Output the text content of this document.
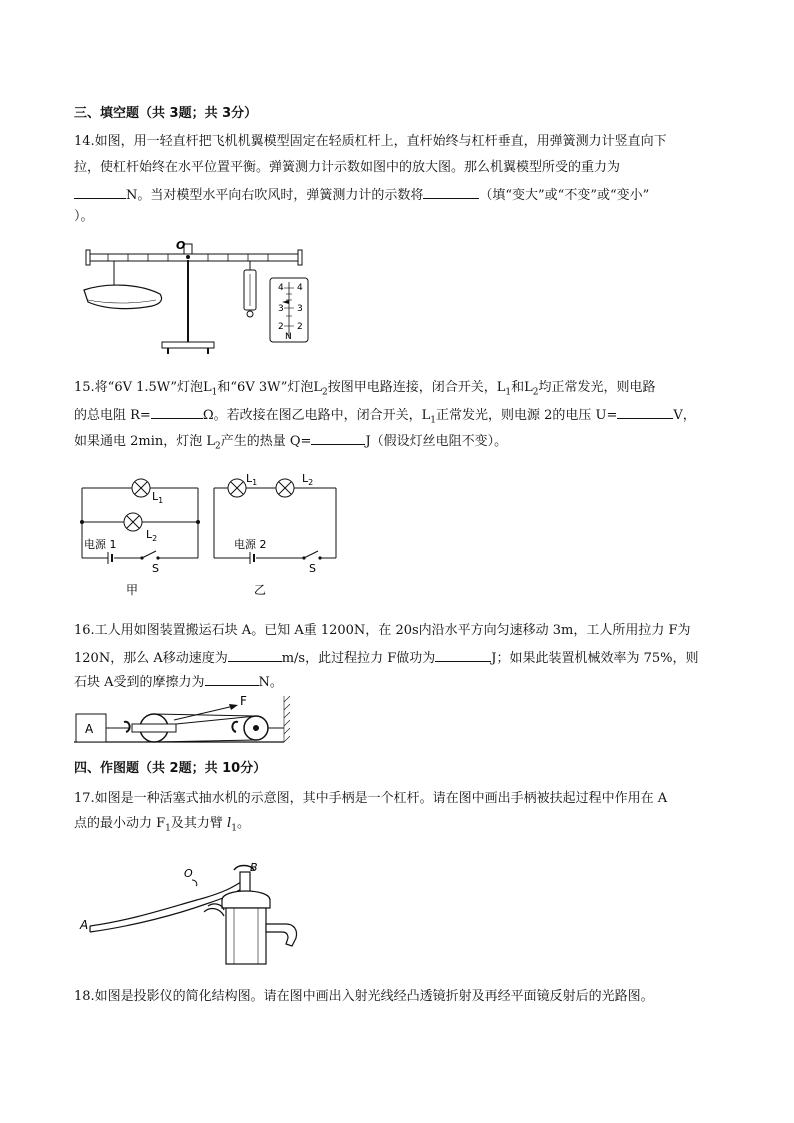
三、填空题（共 3题；共 3分）
14.如图，用一轻直杆把飞机机翼模型固定在轻质杠杆上，直杆始终与杠杆垂直，用弹簧测力计竖直向下
拉，使杠杆始终在水平位置平衡。弹簧测力计示数如图中的放大图。那么机翼模型所受的重力为
N。当对模型水平向右吹风时，弹簧测力计的示数将	（填“变大”或“不变”或“变小”
）。
O
4 4
3 3
2 2
N
15.将“6V 1.5W”灯泡$L_1$和“6V 3W”灯泡$L_2$按图甲电路连接，闭合开关，$L_1$和$L_2$均正常发光，则电路
的总电阻 R=	Ω。若改接在图乙电路中，闭合开关，$L_1$正常发光，则电源 2的电压 U=	V，
如果通电 2min，灯泡 $L_2$产生的热量 Q=	J（假设灯丝电阻不变）。
$L_1$
$L_2$
电源 1
S
甲
$L_1$	$L_2$
电源 2
S
乙
16.工人用如图装置搬运石块 A。已知 A重 1200N，在 20s内沿水平方向匀速移动 3m，工人所用拉力 F为
120N，那么 A移动速度为	m/s，此过程拉力 F做功为	J；如果此装置机械效率为 75%，则
石块 A受到的摩擦力为	N。
A
F
四、作图题（共 2题；共 10分）
17.如图是一种活塞式抽水机的示意图，其中手柄是一个杠杆。请在图中画出手柄被扶起过程中作用在 A
点的最小动力 $F_1$及其力臂 $l_1$。
A
O	B
18.如图是投影仪的简化结构图。请在图中画出入射光线经凸透镜折射及再经平面镜反射后的光路图。
